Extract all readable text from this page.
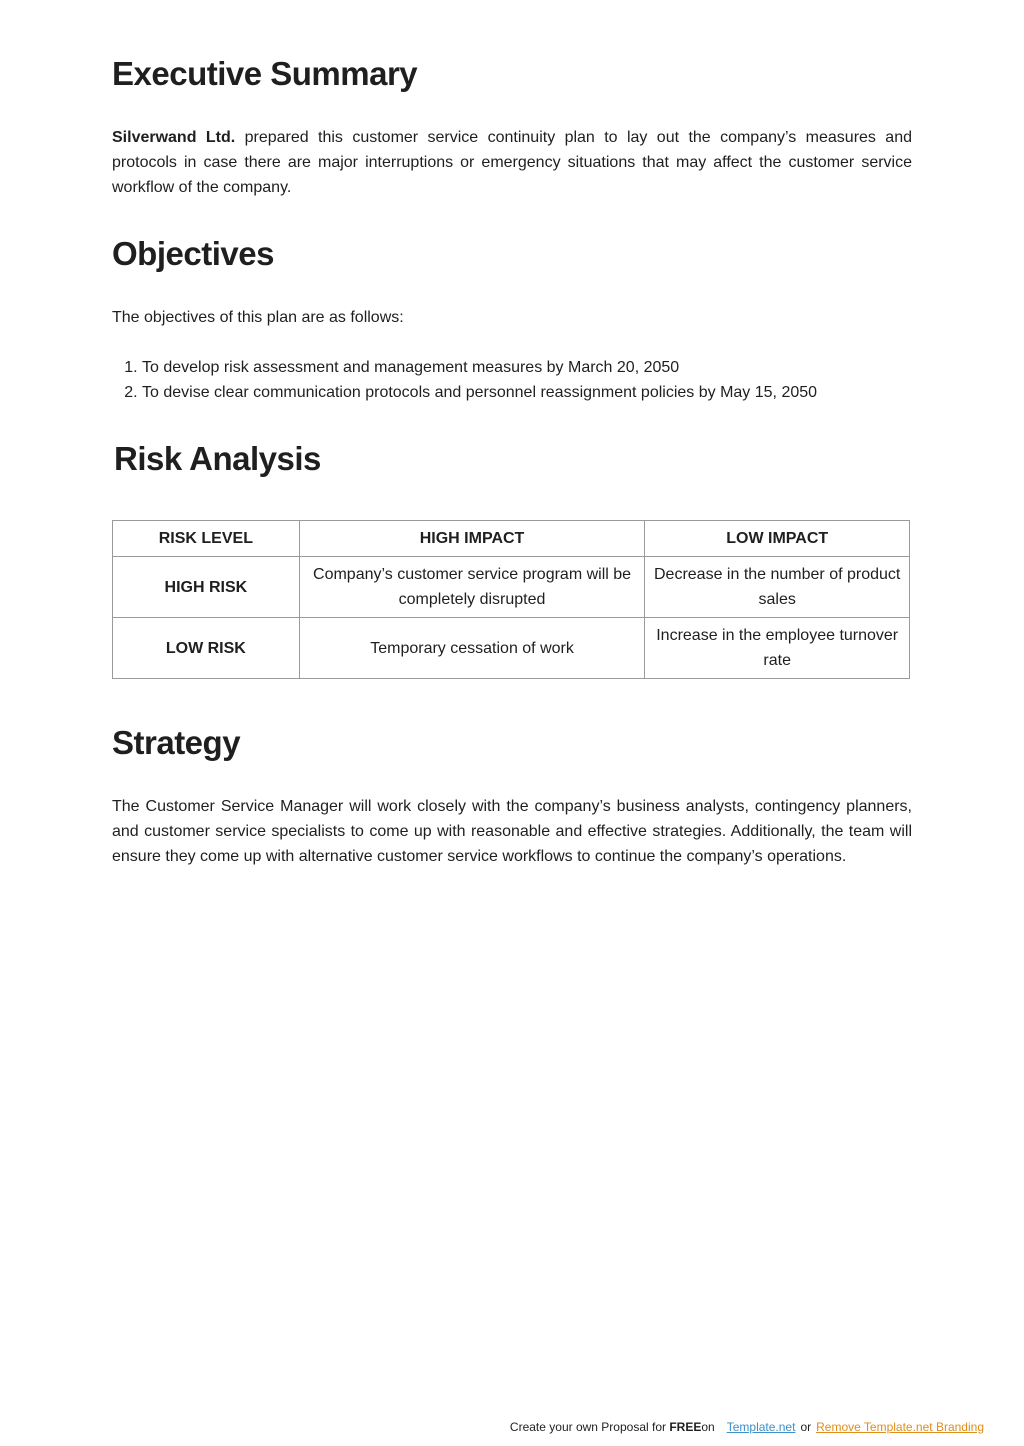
Executive Summary

Silverwand Ltd. prepared this customer service continuity plan to lay out the company’s measures and protocols in case there are major interruptions or emergency situations that may affect the customer service workflow of the company.

Objectives

The objectives of this plan are as follows:

1. To develop risk assessment and management measures by March 20, 2050
2. To devise clear communication protocols and personnel reassignment policies by May 15, 2050
Risk Analysis
RISK LEVEL	HIGH IMPACT	LOW IMPACT
HIGH RISK	Company’s customer service program will be completely disrupted	Decrease in the number of product sales
LOW RISK	Temporary cessation of work	Increase in the employee turnover rate
Strategy

The Customer Service Manager will work closely with the company’s business analysts, contingency planners, and customer service specialists to come up with reasonable and effective strategies. Additionally, the team will ensure they come up with alternative customer service workflows to continue the company’s operations.

Create your own Proposal for FREEon Template.net or Remove Template.net Branding
